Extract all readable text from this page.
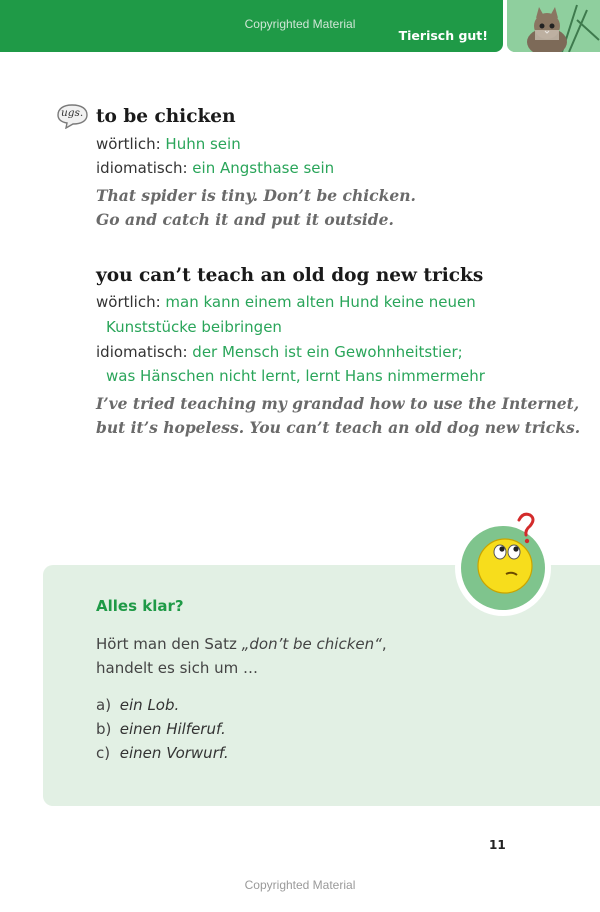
Copyrighted Material
Tierisch gut!
ugs. to be chicken
wörtlich: Huhn sein
idiomatisch: ein Angsthase sein

That spider is tiny. Don’t be chicken.

Go and catch it and put it outside.

you can’t teach an old dog new tricks
wörtlich: man kann einem alten Hund keine neuen
Kunststücke beibringen
idiomatisch: der Mensch ist ein Gewohnheitstier;
was Hänschen nicht lernt, lernt Hans nimmermehr

I’ve tried teaching my grandad how to use the Internet,

but it’s hopeless. You can’t teach an old dog new tricks.

Alles klar?
Hört man den Satz „don’t be chicken“,
handelt es sich um …
a) ein Lob.
b) einen Hilferuf.
c) einen Vorwurf.
11
Copyrighted Material
